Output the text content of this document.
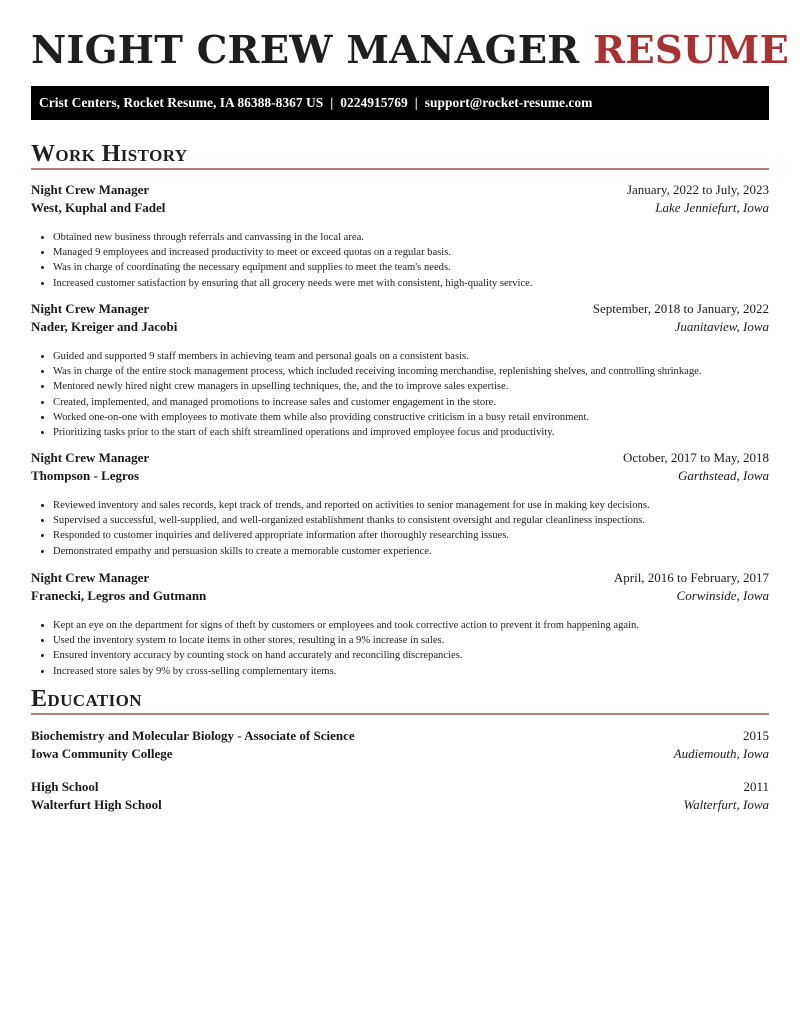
NIGHT CREW MANAGER RESUME
Crist Centers, Rocket Resume, IA 86388-8367 US | 0224915769 | support@rocket-resume.com
Work History
Night Crew Manager	January, 2022 to July, 2023
West, Kuphal and Fadel	Lake Jenniefurt, Iowa
• Obtained new business through referrals and canvassing in the local area.
• Managed 9 employees and increased productivity to meet or exceed quotas on a regular basis.
• Was in charge of coordinating the necessary equipment and supplies to meet the team's needs.
• Increased customer satisfaction by ensuring that all grocery needs were met with consistent, high-quality service.
Night Crew Manager	September, 2018 to January, 2022
Nader, Kreiger and Jacobi	Juanitaview, Iowa
• Guided and supported 9 staff members in achieving team and personal goals on a consistent basis.
• Was in charge of the entire stock management process, which included receiving incoming merchandise, replenishing shelves, and controlling shrinkage.
• Mentored newly hired night crew managers in upselling techniques, the, and the to improve sales expertise.
• Created, implemented, and managed promotions to increase sales and customer engagement in the store.
• Worked one-on-one with employees to motivate them while also providing constructive criticism in a busy retail environment.
• Prioritizing tasks prior to the start of each shift streamlined operations and improved employee focus and productivity.
Night Crew Manager	October, 2017 to May, 2018
Thompson - Legros	Garthstead, Iowa
• Reviewed inventory and sales records, kept track of trends, and reported on activities to senior management for use in making key decisions.
• Supervised a successful, well-supplied, and well-organized establishment thanks to consistent oversight and regular cleanliness inspections.
• Responded to customer inquiries and delivered appropriate information after thoroughly researching issues.
• Demonstrated empathy and persuasion skills to create a memorable customer experience.
Night Crew Manager	April, 2016 to February, 2017
Franecki, Legros and Gutmann	Corwinside, Iowa
• Kept an eye on the department for signs of theft by customers or employees and took corrective action to prevent it from happening again.
• Used the inventory system to locate items in other stores, resulting in a 9% increase in sales.
• Ensured inventory accuracy by counting stock on hand accurately and reconciling discrepancies.
• Increased store sales by 9% by cross-selling complementary items.
Education
Biochemistry and Molecular Biology - Associate of Science	2015
Iowa Community College	Audiemouth, Iowa
High School	2011
Walterfurt High School	Walterfurt, Iowa
